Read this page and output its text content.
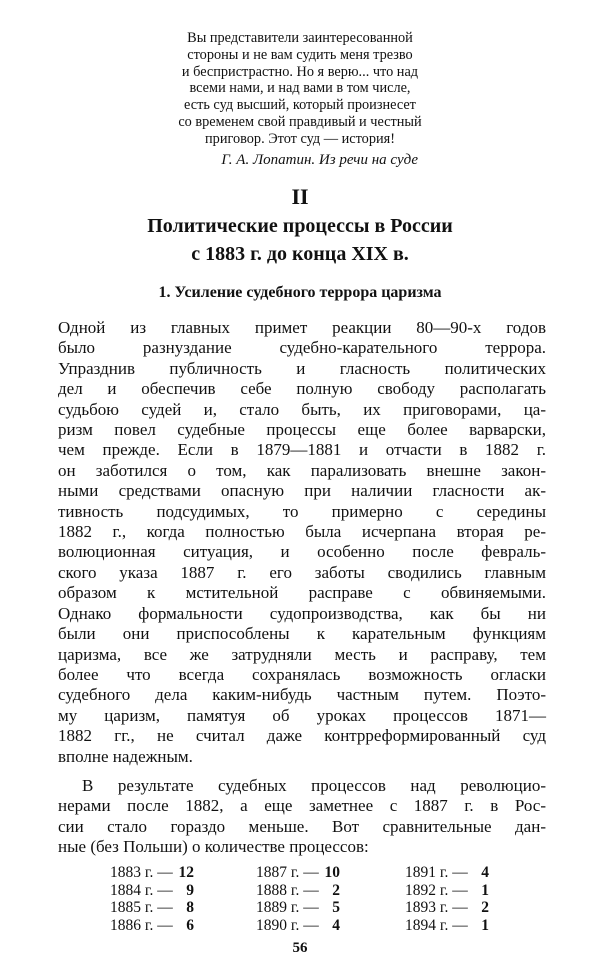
Вы представители заинтересованной
стороны и не вам судить меня трезво
и беспристрастно. Но я верю... что над
всеми нами, и над вами в том числе,
есть суд высший, который произнесет
со временем свой правдивый и честный
приговор. Этот суд — история!
Г. А. Лопатин. Из речи на суде
II
Политические процессы в России
с 1883 г. до конца XIX в.
1. Усиление судебного террора царизма
Одной из главных примет реакции 80—90-х годов
было разнуздание судебно-карательного террора.
Упразднив публичность и гласность политических
дел и обеспечив себе полную свободу располагать
судьбою судей и, стало быть, их приговорами, ца-
ризм повел судебные процессы еще более варварски,
чем прежде. Если в 1879—1881 и отчасти в 1882 г.
он заботился о том, как парализовать внешне закон-
ными средствами опасную при наличии гласности ак-
тивность подсудимых, то примерно с середины
1882 г., когда полностью была исчерпана вторая ре-
волюционная ситуация, и особенно после февраль-
ского указа 1887 г. его заботы сводились главным
образом к мстительной расправе с обвиняемыми.
Однако формальности судопроизводства, как бы ни
были они приспособлены к карательным функциям
царизма, все же затрудняли месть и расправу, тем
более что всегда сохранялась возможность огласки
судебного дела каким-нибудь частным путем. Поэто-
му царизм, памятуя об уроках процессов 1871—
1882 гг., не считал даже контрреформированный суд
вполне надежным.
В результате судебных процессов над революцио-
нерами после 1882, а еще заметнее с 1887 г. в Рос-
сии стало гораздо меньше. Вот сравнительные дан-
ные (без Польши) о количестве процессов:
1883 г. — 12
1884 г. — 9
1885 г. — 8
1886 г. — 6
1887 г. — 10
1888 г. — 2
1889 г. — 5
1890 г. — 4
1891 г. — 4
1892 г. — 1
1893 г. — 2
1894 г. — 1
56
